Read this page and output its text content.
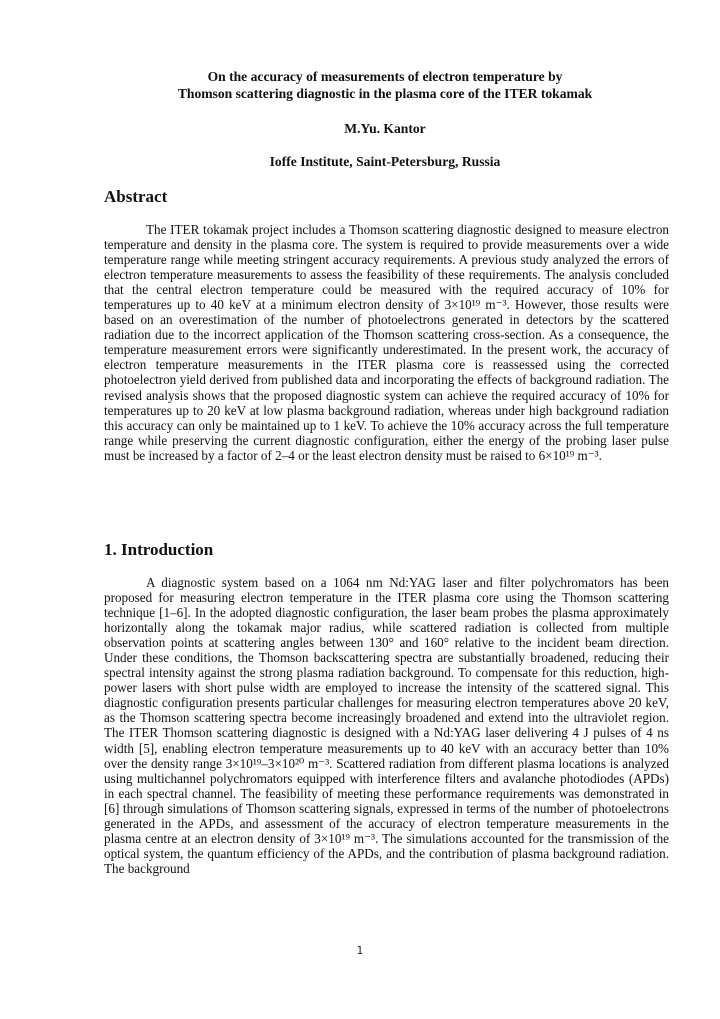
On the accuracy of measurements of electron temperature by
Thomson scattering diagnostic in the plasma core of the ITER tokamak
M.Yu. Kantor
Ioffe Institute, Saint-Petersburg, Russia
Abstract

The ITER tokamak project includes a Thomson scattering diagnostic designed to measure electron temperature and density in the plasma core. The system is required to provide measurements over a wide temperature range while meeting stringent accuracy requirements. A previous study analyzed the errors of electron temperature measurements to assess the feasibility of these requirements. The analysis concluded that the central electron temperature could be measured with the required accuracy of 10% for temperatures up to 40 keV at a minimum electron density of 3×10¹⁹ m⁻³. However, those results were based on an overestimation of the number of photoelectrons generated in detectors by the scattered radiation due to the incorrect application of the Thomson scattering cross-section. As a consequence, the temperature measurement errors were significantly underestimated. In the present work, the accuracy of electron temperature measurements in the ITER plasma core is reassessed using the corrected photoelectron yield derived from published data and incorporating the effects of background radiation. The revised analysis shows that the proposed diagnostic system can achieve the required accuracy of 10% for temperatures up to 20 keV at low plasma background radiation, whereas under high background radiation this accuracy can only be maintained up to 1 keV. To achieve the 10% accuracy across the full temperature range while preserving the current diagnostic configuration, either the energy of the probing laser pulse must be increased by a factor of 2–4 or the least electron density must be raised to 6×10¹⁹ m⁻³.

1. Introduction

A diagnostic system based on a 1064 nm Nd:YAG laser and filter polychromators has been proposed for measuring electron temperature in the ITER plasma core using the Thomson scattering technique [1–6]. In the adopted diagnostic configuration, the laser beam probes the plasma approximately horizontally along the tokamak major radius, while scattered radiation is collected from multiple observation points at scattering angles between 130° and 160° relative to the incident beam direction. Under these conditions, the Thomson backscattering spectra are substantially broadened, reducing their spectral intensity against the strong plasma radiation background. To compensate for this reduction, high-power lasers with short pulse width are employed to increase the intensity of the scattered signal. This diagnostic configuration presents particular challenges for measuring electron temperatures above 20 keV, as the Thomson scattering spectra become increasingly broadened and extend into the ultraviolet region. The ITER Thomson scattering diagnostic is designed with a Nd:YAG laser delivering 4 J pulses of 4 ns width [5], enabling electron temperature measurements up to 40 keV with an accuracy better than 10% over the density range 3×10¹⁹–3×10²⁰ m⁻³. Scattered radiation from different plasma locations is analyzed using multichannel polychromators equipped with interference filters and avalanche photodiodes (APDs) in each spectral channel. The feasibility of meeting these performance requirements was demonstrated in [6] through simulations of Thomson scattering signals, expressed in terms of the number of photoelectrons generated in the APDs, and assessment of the accuracy of electron temperature measurements in the plasma centre at an electron density of 3×10¹⁹ m⁻³. The simulations accounted for the transmission of the optical system, the quantum efficiency of the APDs, and the contribution of plasma background radiation. The background

1
